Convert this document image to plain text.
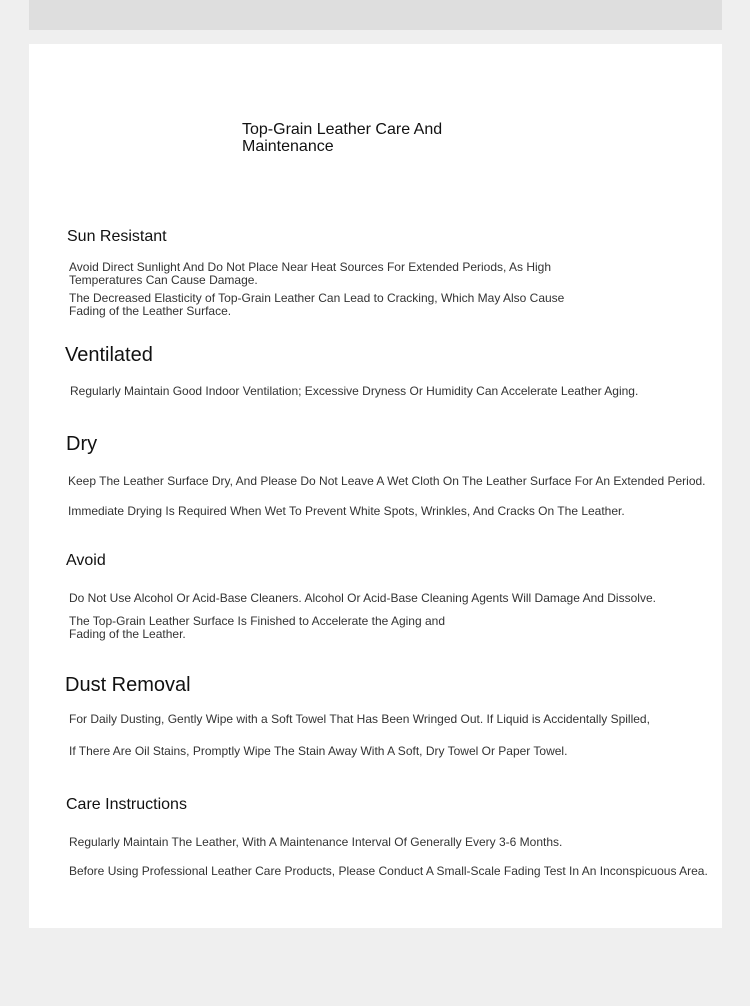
Top-Grain Leather Care And Maintenance
Sun Resistant

Avoid Direct Sunlight And Do Not Place Near Heat Sources For Extended Periods, As High Temperatures Can Cause Damage.

The Decreased Elasticity of Top-Grain Leather Can Lead to Cracking, Which May Also Cause Fading of the Leather Surface.

Ventilated

Regularly Maintain Good Indoor Ventilation; Excessive Dryness Or Humidity Can Accelerate Leather Aging.

Dry

Keep The Leather Surface Dry, And Please Do Not Leave A Wet Cloth On The Leather Surface For An Extended Period.

Immediate Drying Is Required When Wet To Prevent White Spots, Wrinkles, And Cracks On The Leather.

Avoid

Do Not Use Alcohol Or Acid-Base Cleaners. Alcohol Or Acid-Base Cleaning Agents Will Damage And Dissolve.

The Top-Grain Leather Surface Is Finished to Accelerate the Aging and Fading of the Leather.

Dust Removal

For Daily Dusting, Gently Wipe with a Soft Towel That Has Been Wringed Out. If Liquid is Accidentally Spilled,

If There Are Oil Stains, Promptly Wipe The Stain Away With A Soft, Dry Towel Or Paper Towel.

Care Instructions

Regularly Maintain The Leather, With A Maintenance Interval Of Generally Every 3-6 Months.

Before Using Professional Leather Care Products, Please Conduct A Small-Scale Fading Test In An Inconspicuous Area.
